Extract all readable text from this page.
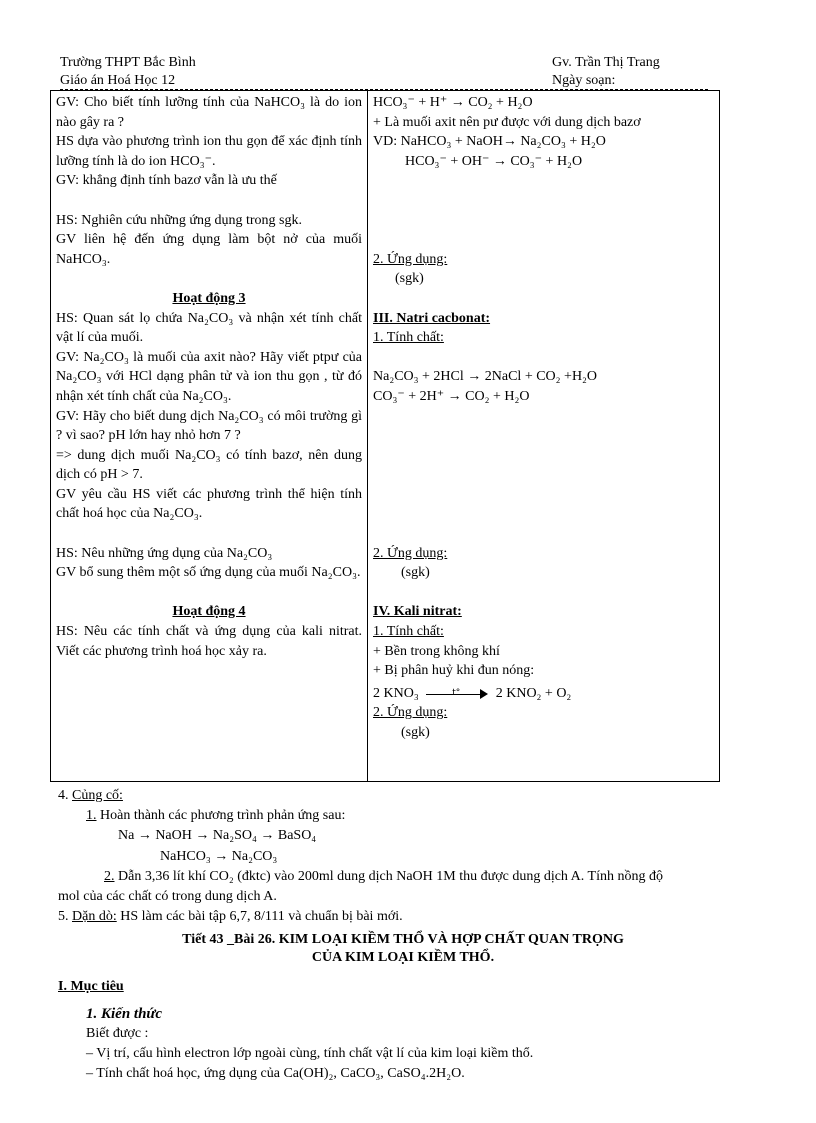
Trường THPT Bắc Bình
Giáo án Hoá Học 12
Gv. Trần Thị Trang
Ngày soạn:
GV: Cho biết tính lưỡng tính của NaHCO₃ là do ion nào gây ra ?
HS dựa vào phương trình ion thu gọn để xác định tính lưỡng tính là do ion HCO₃⁻.
GV: khẳng định tính bazơ vẫn là ưu thế
HS: Nghiên cứu những ứng dụng trong sgk.
GV liên hệ đến ứng dụng làm bột nở của muối NaHCO₃.
Hoạt động 3
HS: Quan sát lọ chứa Na₂CO₃ và nhận xét tính chất vật lí của muối.
GV: Na₂CO₃ là muối của axit nào? Hãy viết ptpư của Na₂CO₃ với HCl dạng phân tử và ion thu gọn , từ đó nhận xét tính chất của Na₂CO₃.
GV: Hãy cho biết dung dịch Na₂CO₃ có môi trường gì ? vì sao? pH lớn hay nhỏ hơn 7 ?
=> dung dịch muối Na₂CO₃ có tính bazơ, nên dung dịch có pH > 7.
GV yêu cầu HS viết các phương trình thể hiện tính chất hoá học của Na₂CO₃.
HS: Nêu những ứng dụng của Na₂CO₃
GV bổ sung thêm một số ứng dụng của muối Na₂CO₃.
Hoạt động 4
HS: Nêu các tính chất và ứng dụng của kali nitrat. Viết các phương trình hoá học xảy ra.

HCO₃⁻ + H⁺ → CO₂ + H₂O
+ Là muối axit nên pư được với dung dịch bazơ
VD: NaHCO₃ + NaOH→ Na₂CO₃ + H₂O
HCO₃⁻ + OH⁻ → CO₃⁻ + H₂O
2. Ứng dụng:
(sgk)
III. Natri cacbonat:
1. Tính chất:
Na₂CO₃ + 2HCl → 2NaCl + CO₂ +H₂O
CO₃⁻ + 2H⁺ → CO₂ + H₂O
2. Ứng dụng:
(sgk)
IV. Kali nitrat:
1. Tính chất:
+ Bền trong không khí
+ Bị phân huỷ khi đun nóng:
2 KNO₃	t°	2 KNO₂ + O₂
2. Ứng dụng:
(sgk)

4. Củng cố:

1. Hoàn thành các phương trình phản ứng sau:

Na → NaOH → Na₂SO₄ → BaSO₄

NaHCO₃ → Na₂CO₃

2. Dẫn 3,36 lít khí CO₂ (đktc) vào 200ml dung dịch NaOH 1M thu được dung dịch A. Tính nồng độ

mol của các chất có trong dung dịch A.

5. Dặn dò: HS làm các bài tập 6,7, 8/111 và chuẩn bị bài mới.

Tiết 43 _Bài 26. KIM LOẠI KIỀM THỔ VÀ HỢP CHẤT QUAN TRỌNG
CỦA KIM LOẠI KIỀM THỔ.
I. Mục tiêu
1. Kiến thức

Biết được :

– Vị trí, cấu hình electron lớp ngoài cùng, tính chất vật lí của kim loại kiềm thổ.

– Tính chất hoá học, ứng dụng của Ca(OH)₂, CaCO₃, CaSO₄.2H₂O.
